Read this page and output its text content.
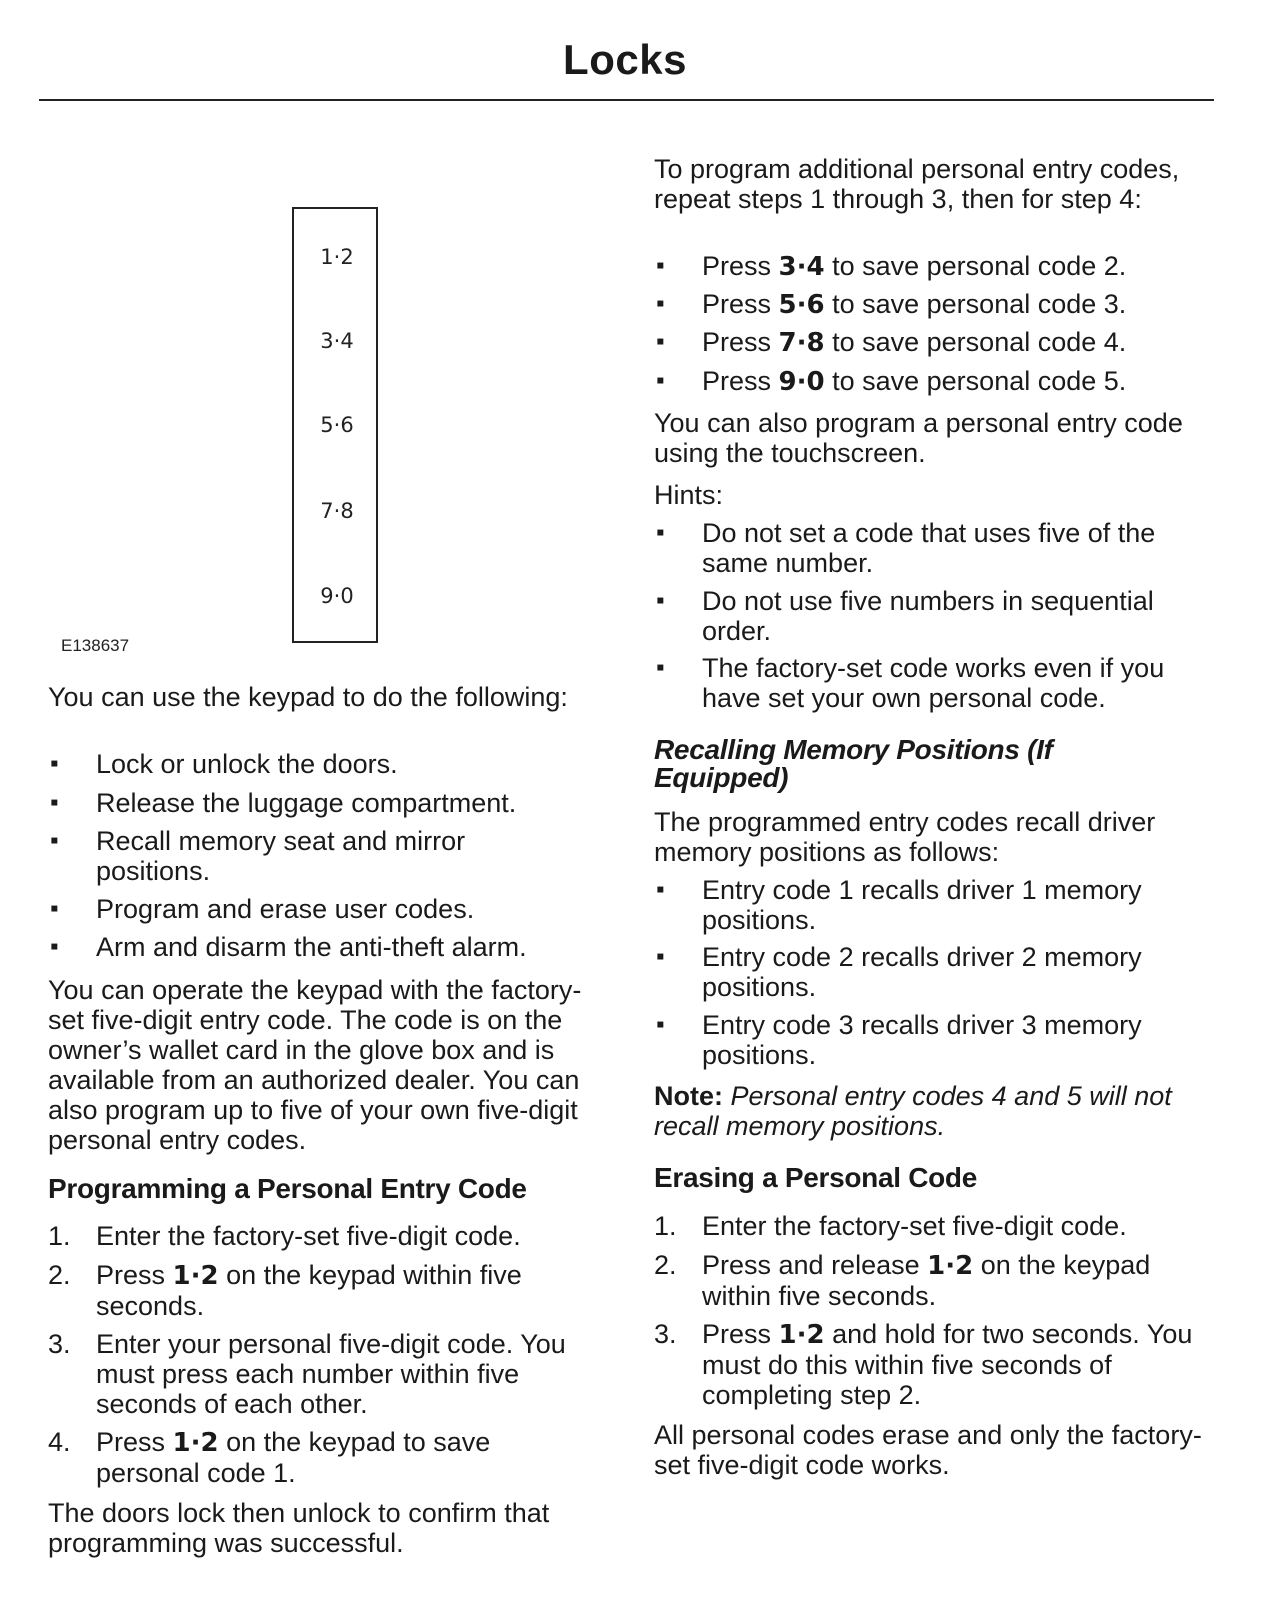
Locks
1·2
3·4
5·6
7·8
9·0
E138637

You can use the keypad to do the following:

▪	Lock or unlock the doors.
▪	Release the luggage compartment.
▪	Recall memory seat and mirror positions.
▪	Program and erase user codes.
▪	Arm and disarm the anti-theft alarm.

You can operate the keypad with the factory-set five-digit entry code. The code is on the owner’s wallet card in the glove box and is available from an authorized dealer. You can also program up to five of your own five-digit personal entry codes.

Programming a Personal Entry Code
1. Enter the factory-set five-digit code.
2. Press 1·2 on the keypad within five seconds.
3. Enter your personal five-digit code. You must press each number within five seconds of each other.
4. Press 1·2 on the keypad to save personal code 1.

The doors lock then unlock to confirm that programming was successful.

To program additional personal entry codes, repeat steps 1 through 3, then for step 4:

▪	Press 3·4 to save personal code 2.
▪	Press 5·6 to save personal code 3.
▪	Press 7·8 to save personal code 4.
▪	Press 9·0 to save personal code 5.

You can also program a personal entry code using the touchscreen.

Hints:

▪	Do not set a code that uses five of the same number.
▪	Do not use five numbers in sequential order.
▪	The factory-set code works even if you have set your own personal code.
Recalling Memory Positions (If Equipped)

The programmed entry codes recall driver memory positions as follows:

▪	Entry code 1 recalls driver 1 memory positions.
▪	Entry code 2 recalls driver 2 memory positions.
▪	Entry code 3 recalls driver 3 memory positions.

Note: Personal entry codes 4 and 5 will not recall memory positions.

Erasing a Personal Code
1. Enter the factory-set five-digit code.
2. Press and release 1·2 on the keypad within five seconds.
3. Press 1·2 and hold for two seconds. You must do this within five seconds of completing step 2.

All personal codes erase and only the factory-set five-digit code works.
